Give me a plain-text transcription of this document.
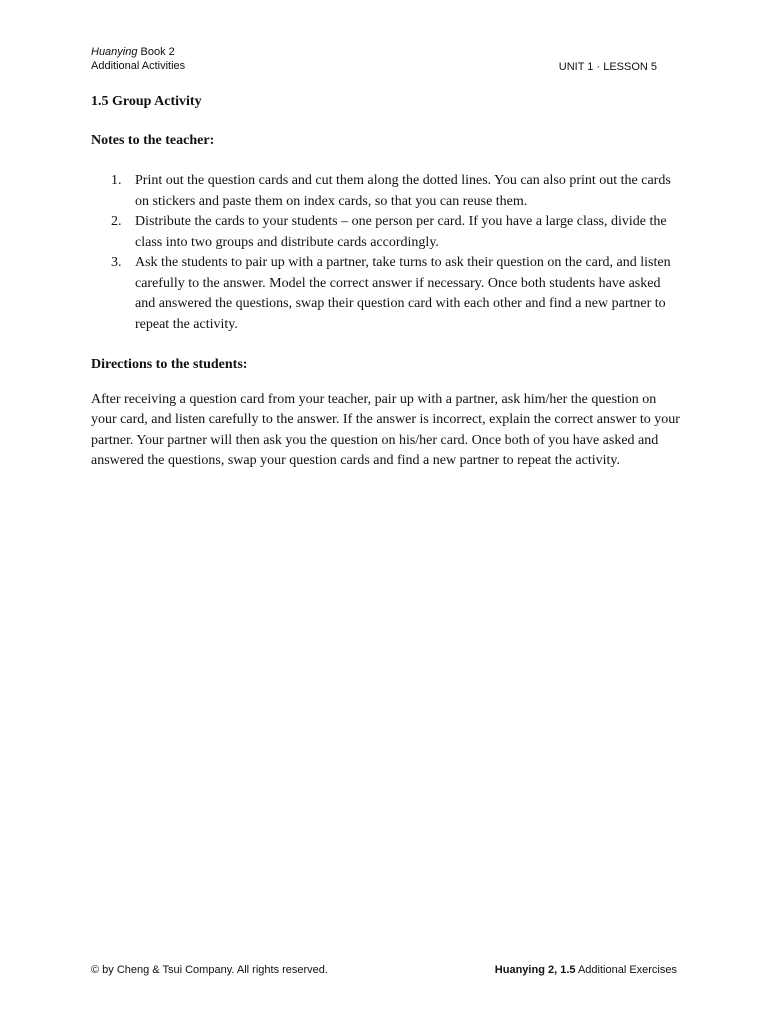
Huanying Book 2
Additional Activities	UNIT 1 · LESSON 5
1.5 Group Activity
Notes to the teacher:
1. Print out the question cards and cut them along the dotted lines. You can also print out the cards on stickers and paste them on index cards, so that you can reuse them.
2. Distribute the cards to your students – one person per card. If you have a large class, divide the class into two groups and distribute cards accordingly.
3. Ask the students to pair up with a partner, take turns to ask their question on the card, and listen carefully to the answer. Model the correct answer if necessary. Once both students have asked and answered the questions, swap their question card with each other and find a new partner to repeat the activity.
Directions to the students:

After receiving a question card from your teacher, pair up with a partner, ask him/her the question on your card, and listen carefully to the answer. If the answer is incorrect, explain the correct answer to your partner. Your partner will then ask you the question on his/her card. Once both of you have asked and answered the questions, swap your question cards and find a new partner to repeat the activity.

© by Cheng & Tsui Company. All rights reserved.	Huanying 2, 1.5 Additional Exercises
